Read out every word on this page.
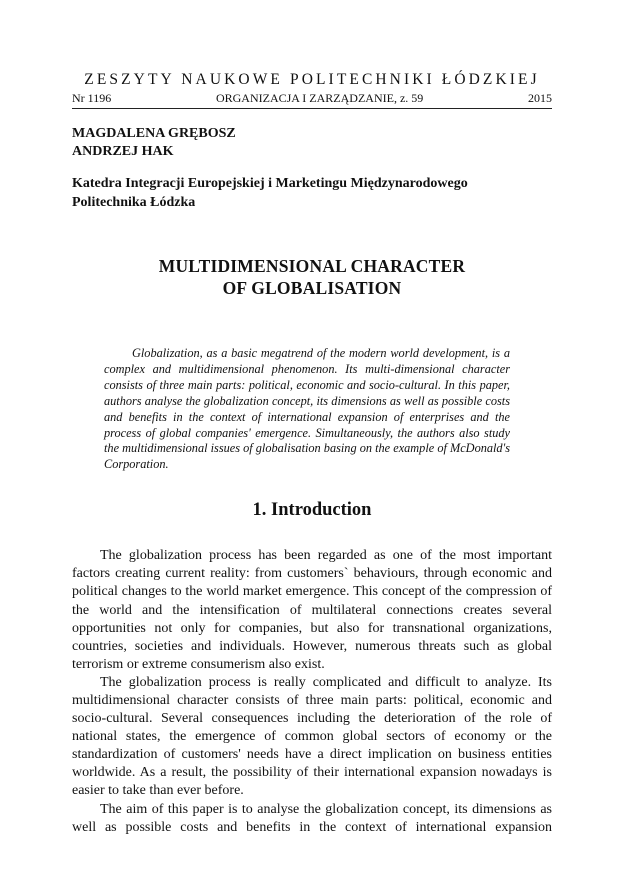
ZESZYTY NAUKOWE POLITECHNIKI ŁÓDZKIEJ
Nr 1196	ORGANIZACJA I ZARZĄDZANIE, z. 59	2015
MAGDALENA GRĘBOSZ
ANDRZEJ HAK
Katedra Integracji Europejskiej i Marketingu Międzynarodowego
Politechnika Łódzka
MULTIDIMENSIONAL CHARACTER
OF GLOBALISATION
Globalization, as a basic megatrend of the modern world development, is a complex and multidimensional phenomenon. Its multi-dimensional character consists of three main parts: political, economic and socio-cultural. In this paper, authors analyse the globalization concept, its dimensions as well as possible costs and benefits in the context of international expansion of enterprises and the process of global companies' emergence. Simultaneously, the authors also study the multidimensional issues of globalisation basing on the example of McDonald's Corporation.
1. Introduction

The globalization process has been regarded as one of the most important factors creating current reality: from customers` behaviours, through economic and political changes to the world market emergence. This concept of the compression of the world and the intensification of multilateral connections creates several opportunities not only for companies, but also for transnational organizations, countries, societies and individuals. However, numerous threats such as global terrorism or extreme consumerism also exist.

The globalization process is really complicated and difficult to analyze. Its multidimensional character consists of three main parts: political, economic and socio-cultural. Several consequences including the deterioration of the role of national states, the emergence of common global sectors of economy or the standardization of customers' needs have a direct implication on business entities worldwide. As a result, the possibility of their international expansion nowadays is easier to take than ever before.

The aim of this paper is to analyse the globalization concept, its dimensions as well as possible costs and benefits in the context of international expansion
